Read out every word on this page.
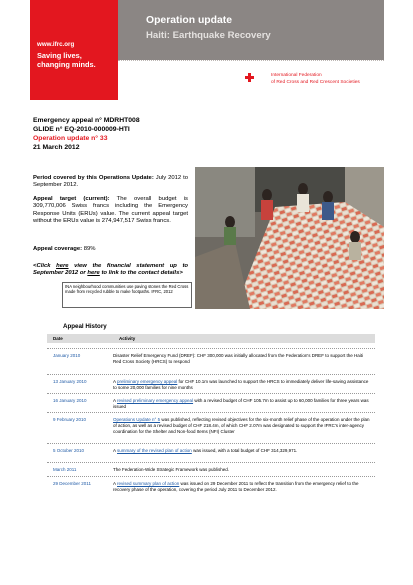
www.ifrc.org
Saving lives,
changing minds.
Operation update
Haiti: Earthquake Recovery
International Federation
of Red Cross and Red Crescent Societies
Emergency appeal n° MDRHT008
GLIDE n° EQ-2010-000009-HTI
Operation update n° 33
21 March 2012
Period covered by this Operations Update: July 2012 to September 2012.
Appeal target (current): The overall budget is 309,770,006 Swiss francs including the Emergency Response Units (ERUs) value. The current appeal target without the ERUs value is 274,947,517 Swiss francs.
Appeal coverage: 89%
<Click here view the financial statement up to September 2012 or here to link to the contact details>
INA neighbourhood communities use paving stones the Red Cross made from recycled rubble to make footpaths. IFRC, 2012
Appeal History
Date	Activity
January 2010	Disaster Relief Emergency Fund (DREF): CHF 300,000 was initially allocated from the Federation's DREF to support the Haiti Red Cross Society (HRCS) to respond
13 January 2010	A preliminary emergency appeal for CHF 10.1m was launched to support the HRCS to immediately deliver life-saving assistance to some 20,000 families for nine months
16 January 2010	A revised preliminary emergency appeal with a revised budget of CHF 105.7m to assist up to 60,000 families for three years was issued
9 February 2010	Operations Update n° 5 was published, reflecting revised objectives for the six-month relief phase of the operation under the plan of action, as well as a revised budget of CHF 218.4m, of which CHF 2.07m was designated to support the IFRC's inter-agency coordination for the Shelter and Non-food Items (NFI) Cluster
5 October 2010	A summary of the revised plan of action was issued, with a total budget of CHF 314,329,971.
March 2011	The Federation-Wide Strategic Framework was published.
29 December 2011	A revised summary plan of action was issued on 29 December 2011 to reflect the transition from the emergency relief to the recovery phase of the operation, covering the period July 2011 to December 2012.
